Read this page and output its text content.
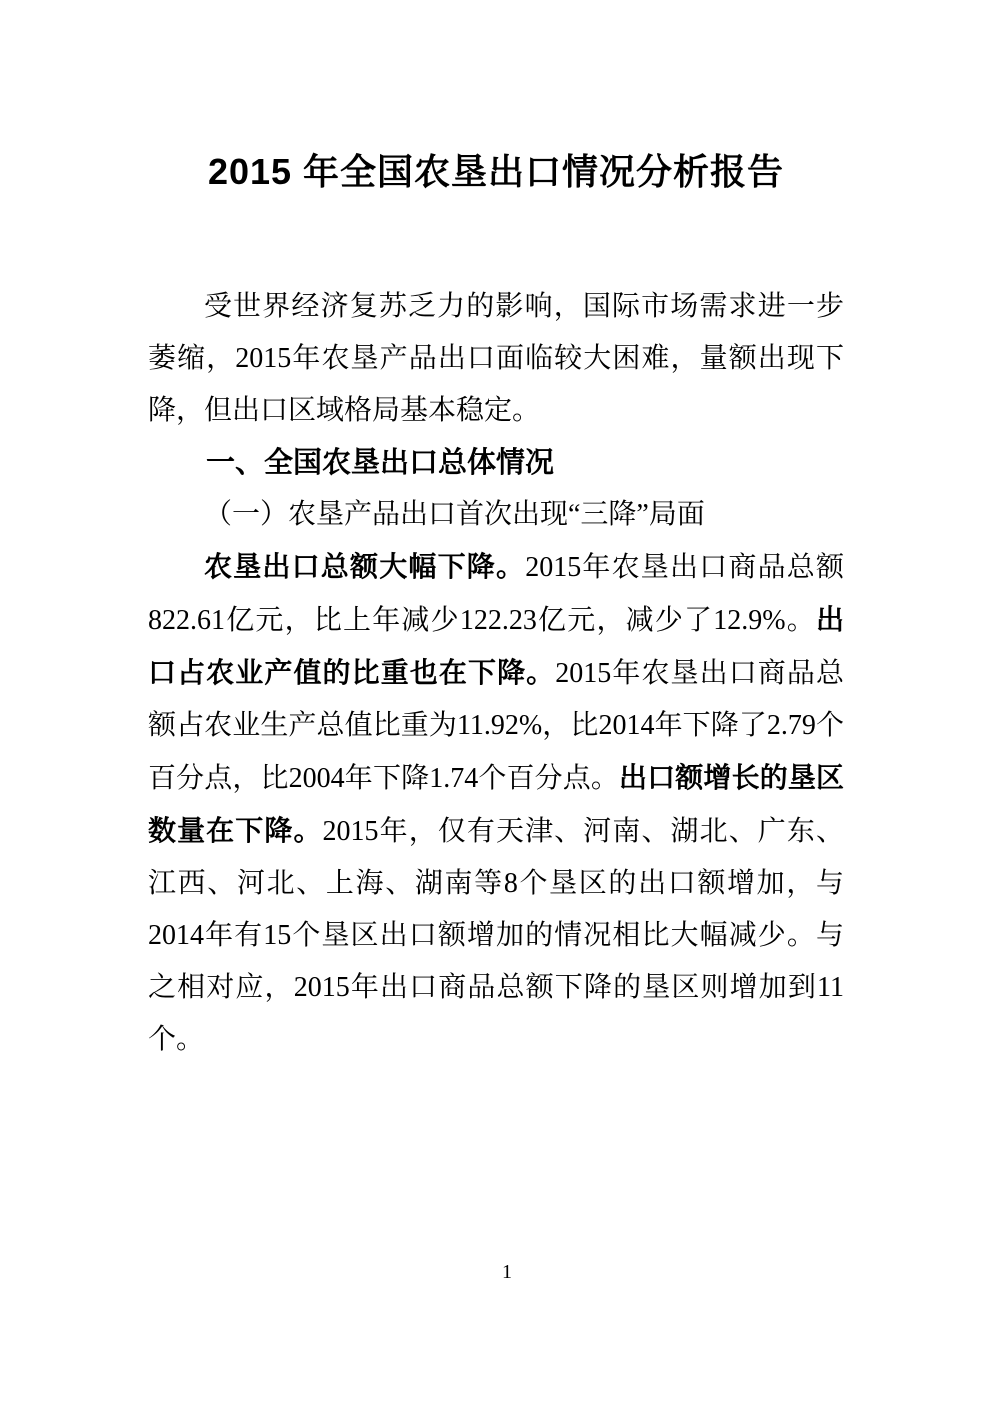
2015 年全国农垦出口情况分析报告

受世界经济复苏乏力的影响，国际市场需求进一步萎缩，2015年农垦产品出口面临较大困难，量额出现下降，但出口区域格局基本稳定。

一、全国农垦出口总体情况
（一）农垦产品出口首次出现“三降”局面

农垦出口总额大幅下降。2015年农垦出口商品总额822.61亿元，比上年减少122.23亿元，减少了12.9%。出口占农业产值的比重也在下降。2015年农垦出口商品总额占农业生产总值比重为11.92%，比2014年下降了2.79个百分点，比2004年下降1.74个百分点。出口额增长的垦区数量在下降。2015年，仅有天津、河南、湖北、广东、江西、河北、上海、湖南等8个垦区的出口额增加，与2014年有15个垦区出口额增加的情况相比大幅减少。与之相对应，2015年出口商品总额下降的垦区则增加到11个。

1
